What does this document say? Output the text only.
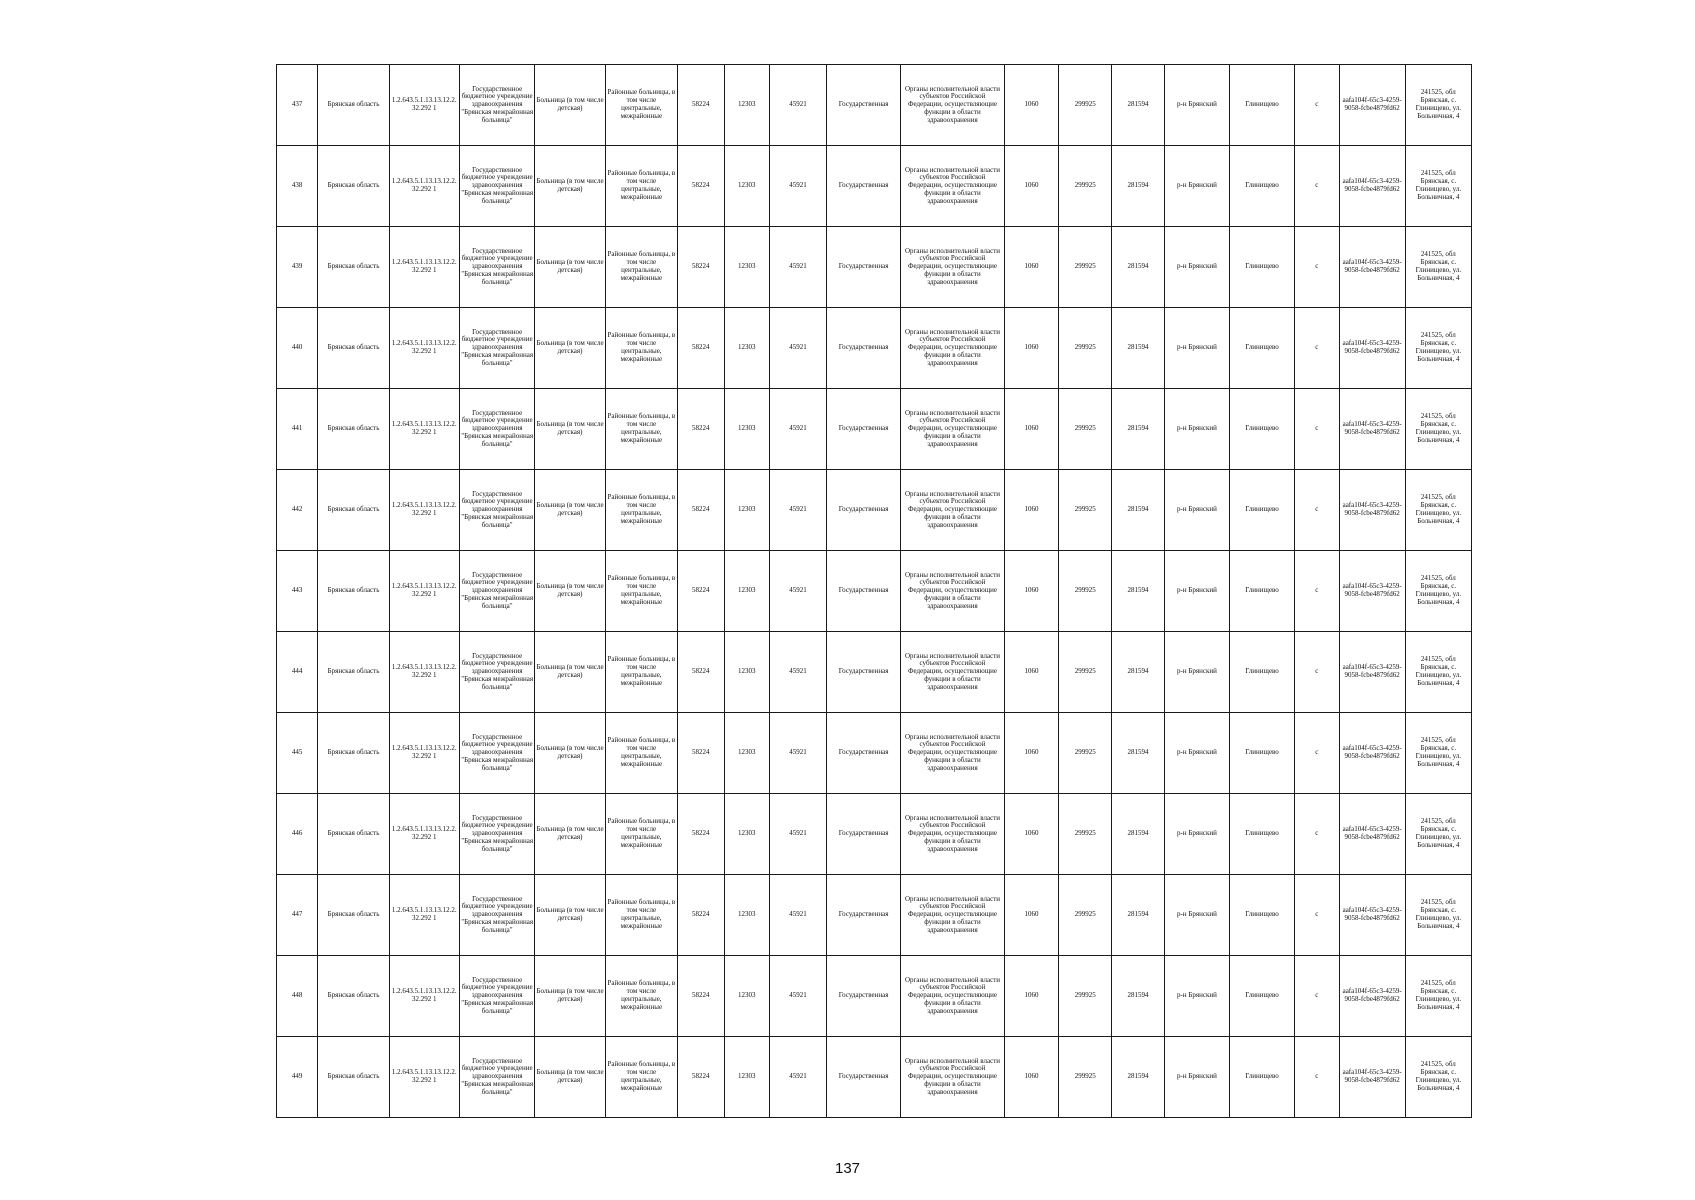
437	Брянская область	1.2.643.5.1.13.13.12.2.32.292 1	Государственное бюджетное учреждение здравоохранения "Брянская межрайонная больница"	Больница (в том числе детская)	Районные больницы, в том числе центральные, межрайонные	58224	12303	45921	Государственная	Органы исполнительной власти субъектов Российской Федерации, осуществляющие функции в области здравоохранения	1060	299925	281594	р-н Брянский	Глинищево	с	aafa104f-65c3-4259-9058-fcbe4879fd62	241525, обл Брянская, с. Глинищево, ул. Больничная, 4
438	Брянская область	1.2.643.5.1.13.13.12.2.32.292 1	Государственное бюджетное учреждение здравоохранения "Брянская межрайонная больница"	Больница (в том числе детская)	Районные больницы, в том числе центральные, межрайонные	58224	12303	45921	Государственная	Органы исполнительной власти субъектов Российской Федерации, осуществляющие функции в области здравоохранения	1060	299925	281594	р-н Брянский	Глинищево	с	aafa104f-65c3-4259-9058-fcbe4879fd62	241525, обл Брянская, с. Глинищево, ул. Больничная, 4
439	Брянская область	1.2.643.5.1.13.13.12.2.32.292 1	Государственное бюджетное учреждение здравоохранения "Брянская межрайонная больница"	Больница (в том числе детская)	Районные больницы, в том числе центральные, межрайонные	58224	12303	45921	Государственная	Органы исполнительной власти субъектов Российской Федерации, осуществляющие функции в области здравоохранения	1060	299925	281594	р-н Брянский	Глинищево	с	aafa104f-65c3-4259-9058-fcbe4879fd62	241525, обл Брянская, с. Глинищево, ул. Больничная, 4
440	Брянская область	1.2.643.5.1.13.13.12.2.32.292 1	Государственное бюджетное учреждение здравоохранения "Брянская межрайонная больница"	Больница (в том числе детская)	Районные больницы, в том числе центральные, межрайонные	58224	12303	45921	Государственная	Органы исполнительной власти субъектов Российской Федерации, осуществляющие функции в области здравоохранения	1060	299925	281594	р-н Брянский	Глинищево	с	aafa104f-65c3-4259-9058-fcbe4879fd62	241525, обл Брянская, с. Глинищево, ул. Больничная, 4
441	Брянская область	1.2.643.5.1.13.13.12.2.32.292 1	Государственное бюджетное учреждение здравоохранения "Брянская межрайонная больница"	Больница (в том числе детская)	Районные больницы, в том числе центральные, межрайонные	58224	12303	45921	Государственная	Органы исполнительной власти субъектов Российской Федерации, осуществляющие функции в области здравоохранения	1060	299925	281594	р-н Брянский	Глинищево	с	aafa104f-65c3-4259-9058-fcbe4879fd62	241525, обл Брянская, с. Глинищево, ул. Больничная, 4
442	Брянская область	1.2.643.5.1.13.13.12.2.32.292 1	Государственное бюджетное учреждение здравоохранения "Брянская межрайонная больница"	Больница (в том числе детская)	Районные больницы, в том числе центральные, межрайонные	58224	12303	45921	Государственная	Органы исполнительной власти субъектов Российской Федерации, осуществляющие функции в области здравоохранения	1060	299925	281594	р-н Брянский	Глинищево	с	aafa104f-65c3-4259-9058-fcbe4879fd62	241525, обл Брянская, с. Глинищево, ул. Больничная, 4
443	Брянская область	1.2.643.5.1.13.13.12.2.32.292 1	Государственное бюджетное учреждение здравоохранения "Брянская межрайонная больница"	Больница (в том числе детская)	Районные больницы, в том числе центральные, межрайонные	58224	12303	45921	Государственная	Органы исполнительной власти субъектов Российской Федерации, осуществляющие функции в области здравоохранения	1060	299925	281594	р-н Брянский	Глинищево	с	aafa104f-65c3-4259-9058-fcbe4879fd62	241525, обл Брянская, с. Глинищево, ул. Больничная, 4
444	Брянская область	1.2.643.5.1.13.13.12.2.32.292 1	Государственное бюджетное учреждение здравоохранения "Брянская межрайонная больница"	Больница (в том числе детская)	Районные больницы, в том числе центральные, межрайонные	58224	12303	45921	Государственная	Органы исполнительной власти субъектов Российской Федерации, осуществляющие функции в области здравоохранения	1060	299925	281594	р-н Брянский	Глинищево	с	aafa104f-65c3-4259-9058-fcbe4879fd62	241525, обл Брянская, с. Глинищево, ул. Больничная, 4
445	Брянская область	1.2.643.5.1.13.13.12.2.32.292 1	Государственное бюджетное учреждение здравоохранения "Брянская межрайонная больница"	Больница (в том числе детская)	Районные больницы, в том числе центральные, межрайонные	58224	12303	45921	Государственная	Органы исполнительной власти субъектов Российской Федерации, осуществляющие функции в области здравоохранения	1060	299925	281594	р-н Брянский	Глинищево	с	aafa104f-65c3-4259-9058-fcbe4879fd62	241525, обл Брянская, с. Глинищево, ул. Больничная, 4
446	Брянская область	1.2.643.5.1.13.13.12.2.32.292 1	Государственное бюджетное учреждение здравоохранения "Брянская межрайонная больница"	Больница (в том числе детская)	Районные больницы, в том числе центральные, межрайонные	58224	12303	45921	Государственная	Органы исполнительной власти субъектов Российской Федерации, осуществляющие функции в области здравоохранения	1060	299925	281594	р-н Брянский	Глинищево	с	aafa104f-65c3-4259-9058-fcbe4879fd62	241525, обл Брянская, с. Глинищево, ул. Больничная, 4
447	Брянская область	1.2.643.5.1.13.13.12.2.32.292 1	Государственное бюджетное учреждение здравоохранения "Брянская межрайонная больница"	Больница (в том числе детская)	Районные больницы, в том числе центральные, межрайонные	58224	12303	45921	Государственная	Органы исполнительной власти субъектов Российской Федерации, осуществляющие функции в области здравоохранения	1060	299925	281594	р-н Брянский	Глинищево	с	aafa104f-65c3-4259-9058-fcbe4879fd62	241525, обл Брянская, с. Глинищево, ул. Больничная, 4
448	Брянская область	1.2.643.5.1.13.13.12.2.32.292 1	Государственное бюджетное учреждение здравоохранения "Брянская межрайонная больница"	Больница (в том числе детская)	Районные больницы, в том числе центральные, межрайонные	58224	12303	45921	Государственная	Органы исполнительной власти субъектов Российской Федерации, осуществляющие функции в области здравоохранения	1060	299925	281594	р-н Брянский	Глинищево	с	aafa104f-65c3-4259-9058-fcbe4879fd62	241525, обл Брянская, с. Глинищево, ул. Больничная, 4
449	Брянская область	1.2.643.5.1.13.13.12.2.32.292 1	Государственное бюджетное учреждение здравоохранения "Брянская межрайонная больница"	Больница (в том числе детская)	Районные больницы, в том числе центральные, межрайонные	58224	12303	45921	Государственная	Органы исполнительной власти субъектов Российской Федерации, осуществляющие функции в области здравоохранения	1060	299925	281594	р-н Брянский	Глинищево	с	aafa104f-65c3-4259-9058-fcbe4879fd62	241525, обл Брянская, с. Глинищево, ул. Больничная, 4
137
